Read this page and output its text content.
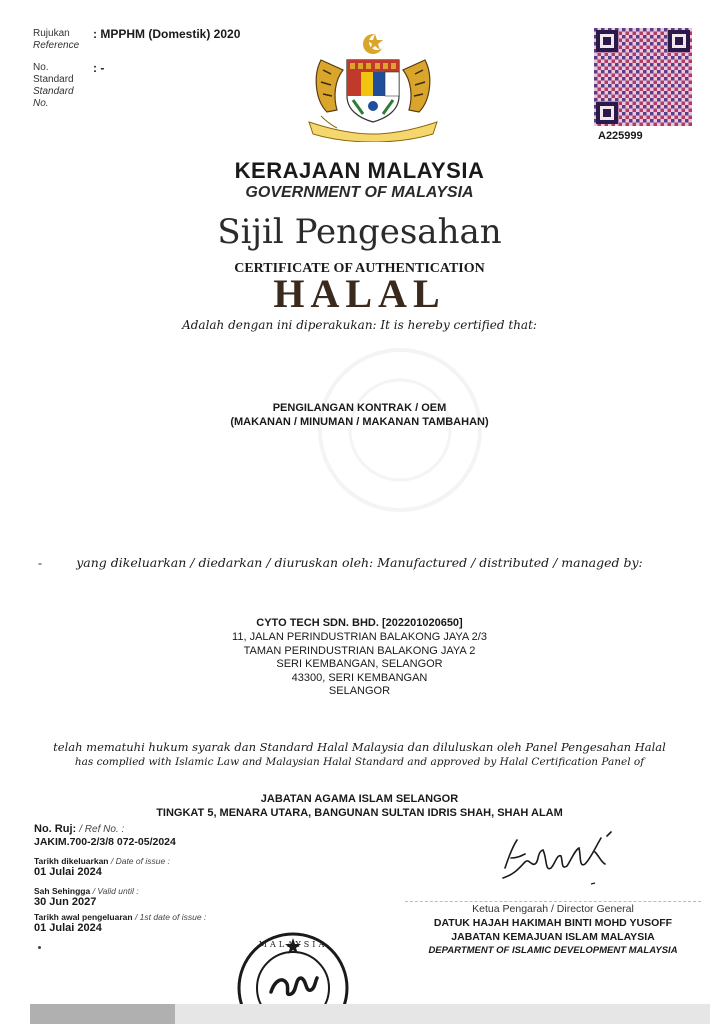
Rujukan
Reference
: MPPHM (Domestik) 2020
No.
Standard
Standard
No.
: -
A225999
KERAJAAN MALAYSIA
GOVERNMENT OF MALAYSIA
Sijil Pengesahan
CERTIFICATE OF AUTHENTICATION
HALAL
Adalah dengan ini diperakukan: It is hereby certified that:
PENGILANGAN KONTRAK / OEM
(MAKANAN / MINUMAN / MAKANAN TAMBAHAN)
-	yang dikeluarkan / diedarkan / diuruskan oleh: Manufactured / distributed / managed by:
CYTO TECH SDN. BHD. [202201020650]
11, JALAN PERINDUSTRIAN BALAKONG JAYA 2/3
TAMAN PERINDUSTRIAN BALAKONG JAYA 2
SERI KEMBANGAN, SELANGOR
43300, SERI KEMBANGAN
SELANGOR
telah mematuhi hukum syarak dan Standard Halal Malaysia dan diluluskan oleh Panel Pengesahan Halal
has complied with Islamic Law and Malaysian Halal Standard and approved by Halal Certification Panel of
JABATAN AGAMA ISLAM SELANGOR
TINGKAT 5, MENARA UTARA, BANGUNAN SULTAN IDRIS SHAH, SHAH ALAM
No. Ruj: / Ref No. :
JAKIM.700-2/3/8 072-05/2024
Tarikh dikeluarkan / Date of issue :
01 Julai 2024
Sah Sehingga / Valid until :
30 Jun 2027
Tarikh awal pengeluaran / 1st date of issue :
01 Julai 2024
Ketua Pengarah / Director General
DATUK HAJAH HAKIMAH BINTI MOHD YUSOFF
JABATAN KEMAJUAN ISLAM MALAYSIA
DEPARTMENT OF ISLAMIC DEVELOPMENT MALAYSIA
MALAYSIA
